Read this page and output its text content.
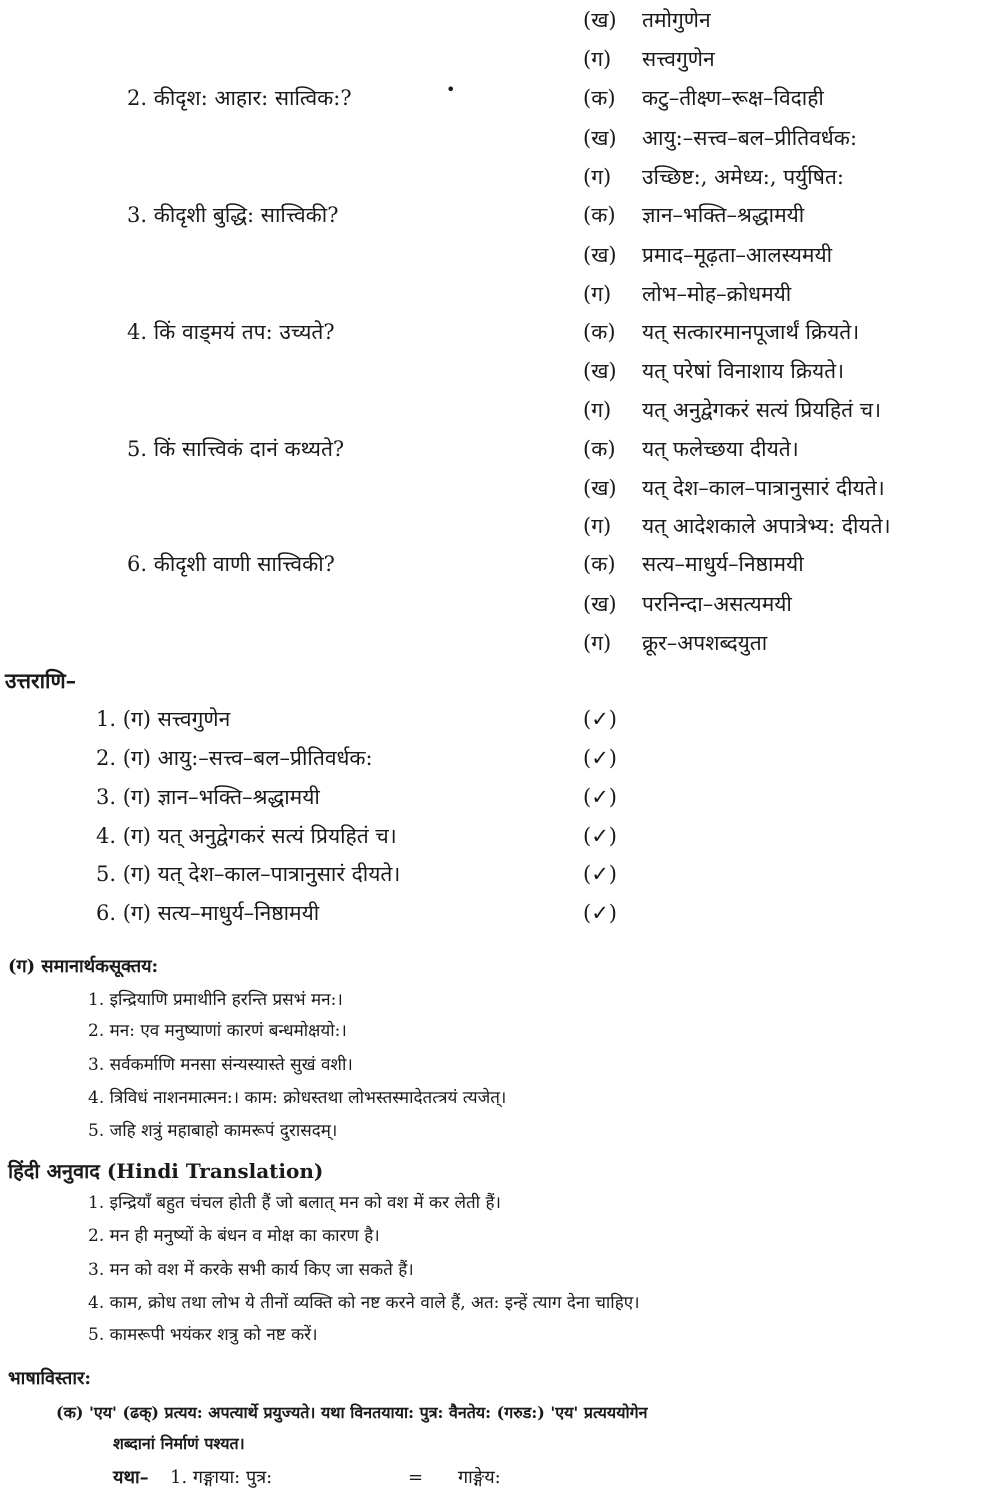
(ख) तमोगुणेन
(ग) सत्त्वगुणेन
2. कीदृश: आहार: सात्विक:?	•	(क) कटु–तीक्ष्ण–रूक्ष–विदाही
(ख) आयु:–सत्त्व–बल–प्रीतिवर्धक:
(ग) उच्छिष्ट:, अमेध्य:, पर्युषित:
3. कीदृशी बुद्धि: सात्त्विकी?	(क) ज्ञान–भक्ति–श्रद्धामयी
(ख) प्रमाद–मूढ़ता–आलस्यमयी
(ग) लोभ–मोह–क्रोधमयी
4. किं वाड्मयं तप: उच्यते?	(क) यत् सत्कारमानपूजार्थं क्रियते।
(ख) यत् परेषां विनाशाय क्रियते।
(ग) यत् अनुद्वेगकरं सत्यं प्रियहितं च।
5. किं सात्त्विकं दानं कथ्यते?	(क) यत् फलेच्छया दीयते।
(ख) यत् देश–काल–पात्रानुसारं दीयते।
(ग) यत् आदेशकाले अपात्रेभ्य: दीयते।
6. कीदृशी वाणी सात्त्विकी?	(क) सत्य–माधुर्य–निष्ठामयी
(ख) परनिन्दा–असत्यमयी
(ग) क्रूर–अपशब्दयुता
उत्तराणि–
1. (ग) सत्त्वगुणेन	(✓)
2. (ग) आयु:–सत्त्व–बल–प्रीतिवर्धक:	(✓)
3. (ग) ज्ञान–भक्ति–श्रद्धामयी	(✓)
4. (ग) यत् अनुद्वेगकरं सत्यं प्रियहितं च।	(✓)
5. (ग) यत् देश–काल–पात्रानुसारं दीयते।	(✓)
6. (ग) सत्य–माधुर्य–निष्ठामयी	(✓)
(ग) समानार्थकसूक्तय:
1. इन्द्रियाणि प्रमाथीनि हरन्ति प्रसभं मन:।
2. मन: एव मनुष्याणां कारणं बन्धमोक्षयो:।
3. सर्वकर्माणि मनसा संन्यस्यास्ते सुखं वशी।
4. त्रिविधं नाशनमात्मन:। काम: क्रोधस्तथा लोभस्तस्मादेतत्त्रयं त्यजेत्।
5. जहि शत्रुं महाबाहो कामरूपं दुरासदम्।
हिंदी अनुवाद (Hindi Translation)
1. इन्द्रियाँ बहुत चंचल होती हैं जो बलात् मन को वश में कर लेती हैं।
2. मन ही मनुष्यों के बंधन व मोक्ष का कारण है।
3. मन को वश में करके सभी कार्य किए जा सकते हैं।
4. काम, क्रोध तथा लोभ ये तीनों व्यक्ति को नष्ट करने वाले हैं, अत: इन्हें त्याग देना चाहिए।
5. कामरूपी भयंकर शत्रु को नष्ट करें।
भाषाविस्तार:
(क) 'एय' (ढक्) प्रत्यय: अपत्यार्थे प्रयुज्यते। यथा विनतयाया: पुत्र: वैनतेय: (गरुड:) 'एय' प्रत्यययोगेन
शब्दानां निर्माणं पश्यत।
यथा– 1. गङ्गाया: पुत्र:	= गाङ्गेय:
